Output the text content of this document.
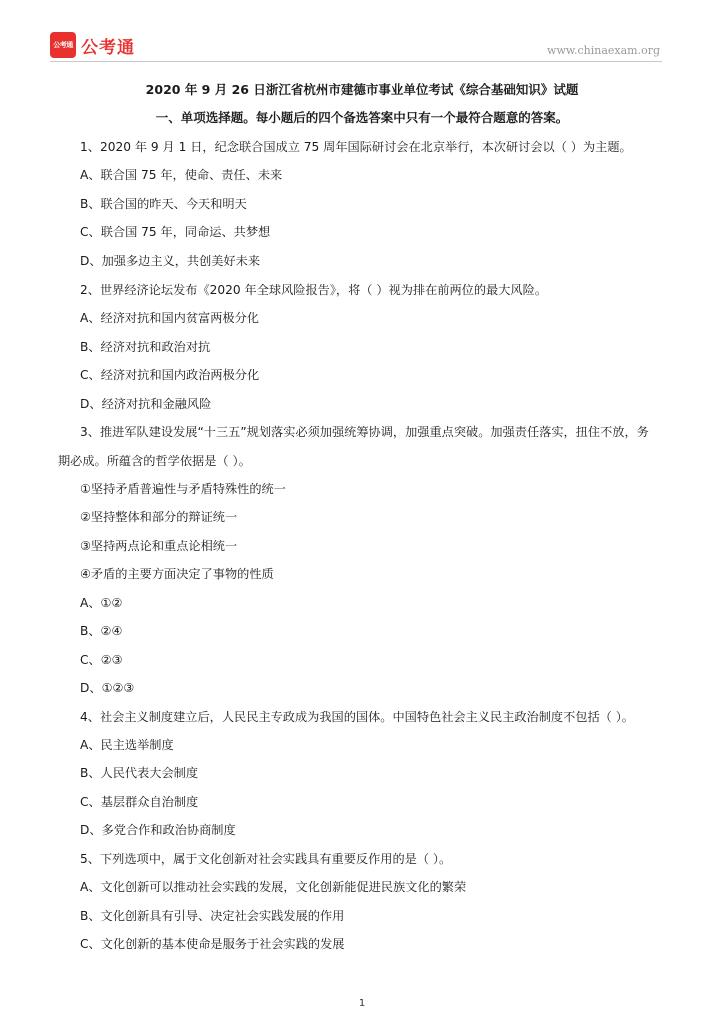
公考通 公考通	www.chinaexam.org
2020 年 9 月 26 日浙江省杭州市建德市事业单位考试《综合基础知识》试题
一、单项选择题。每小题后的四个备选答案中只有一个最符合题意的答案。
1、2020 年 9 月 1 日，纪念联合国成立 75 周年国际研讨会在北京举行，本次研讨会以（ ）为主题。
A、联合国 75 年，使命、责任、未来
B、联合国的昨天、今天和明天
C、联合国 75 年，同命运、共梦想
D、加强多边主义，共创美好未来
2、世界经济论坛发布《2020 年全球风险报告》，将（ ）视为排在前两位的最大风险。
A、经济对抗和国内贫富两极分化
B、经济对抗和政治对抗
C、经济对抗和国内政治两极分化
D、经济对抗和金融风险
3、推进军队建设发展“十三五”规划落实必须加强统筹协调，加强重点突破。加强责任落实，扭住不放，务
期必成。所蕴含的哲学依据是（ ）。
①坚持矛盾普遍性与矛盾特殊性的统一
②坚持整体和部分的辩证统一
③坚持两点论和重点论相统一
④矛盾的主要方面决定了事物的性质
A、①②
B、②④
C、②③
D、①②③
4、社会主义制度建立后，人民民主专政成为我国的国体。中国特色社会主义民主政治制度不包括（ ）。
A、民主选举制度
B、人民代表大会制度
C、基层群众自治制度
D、多党合作和政治协商制度
5、下列选项中，属于文化创新对社会实践具有重要反作用的是（ ）。
A、文化创新可以推动社会实践的发展，文化创新能促进民族文化的繁荣
B、文化创新具有引导、决定社会实践发展的作用
C、文化创新的基本使命是服务于社会实践的发展
1
